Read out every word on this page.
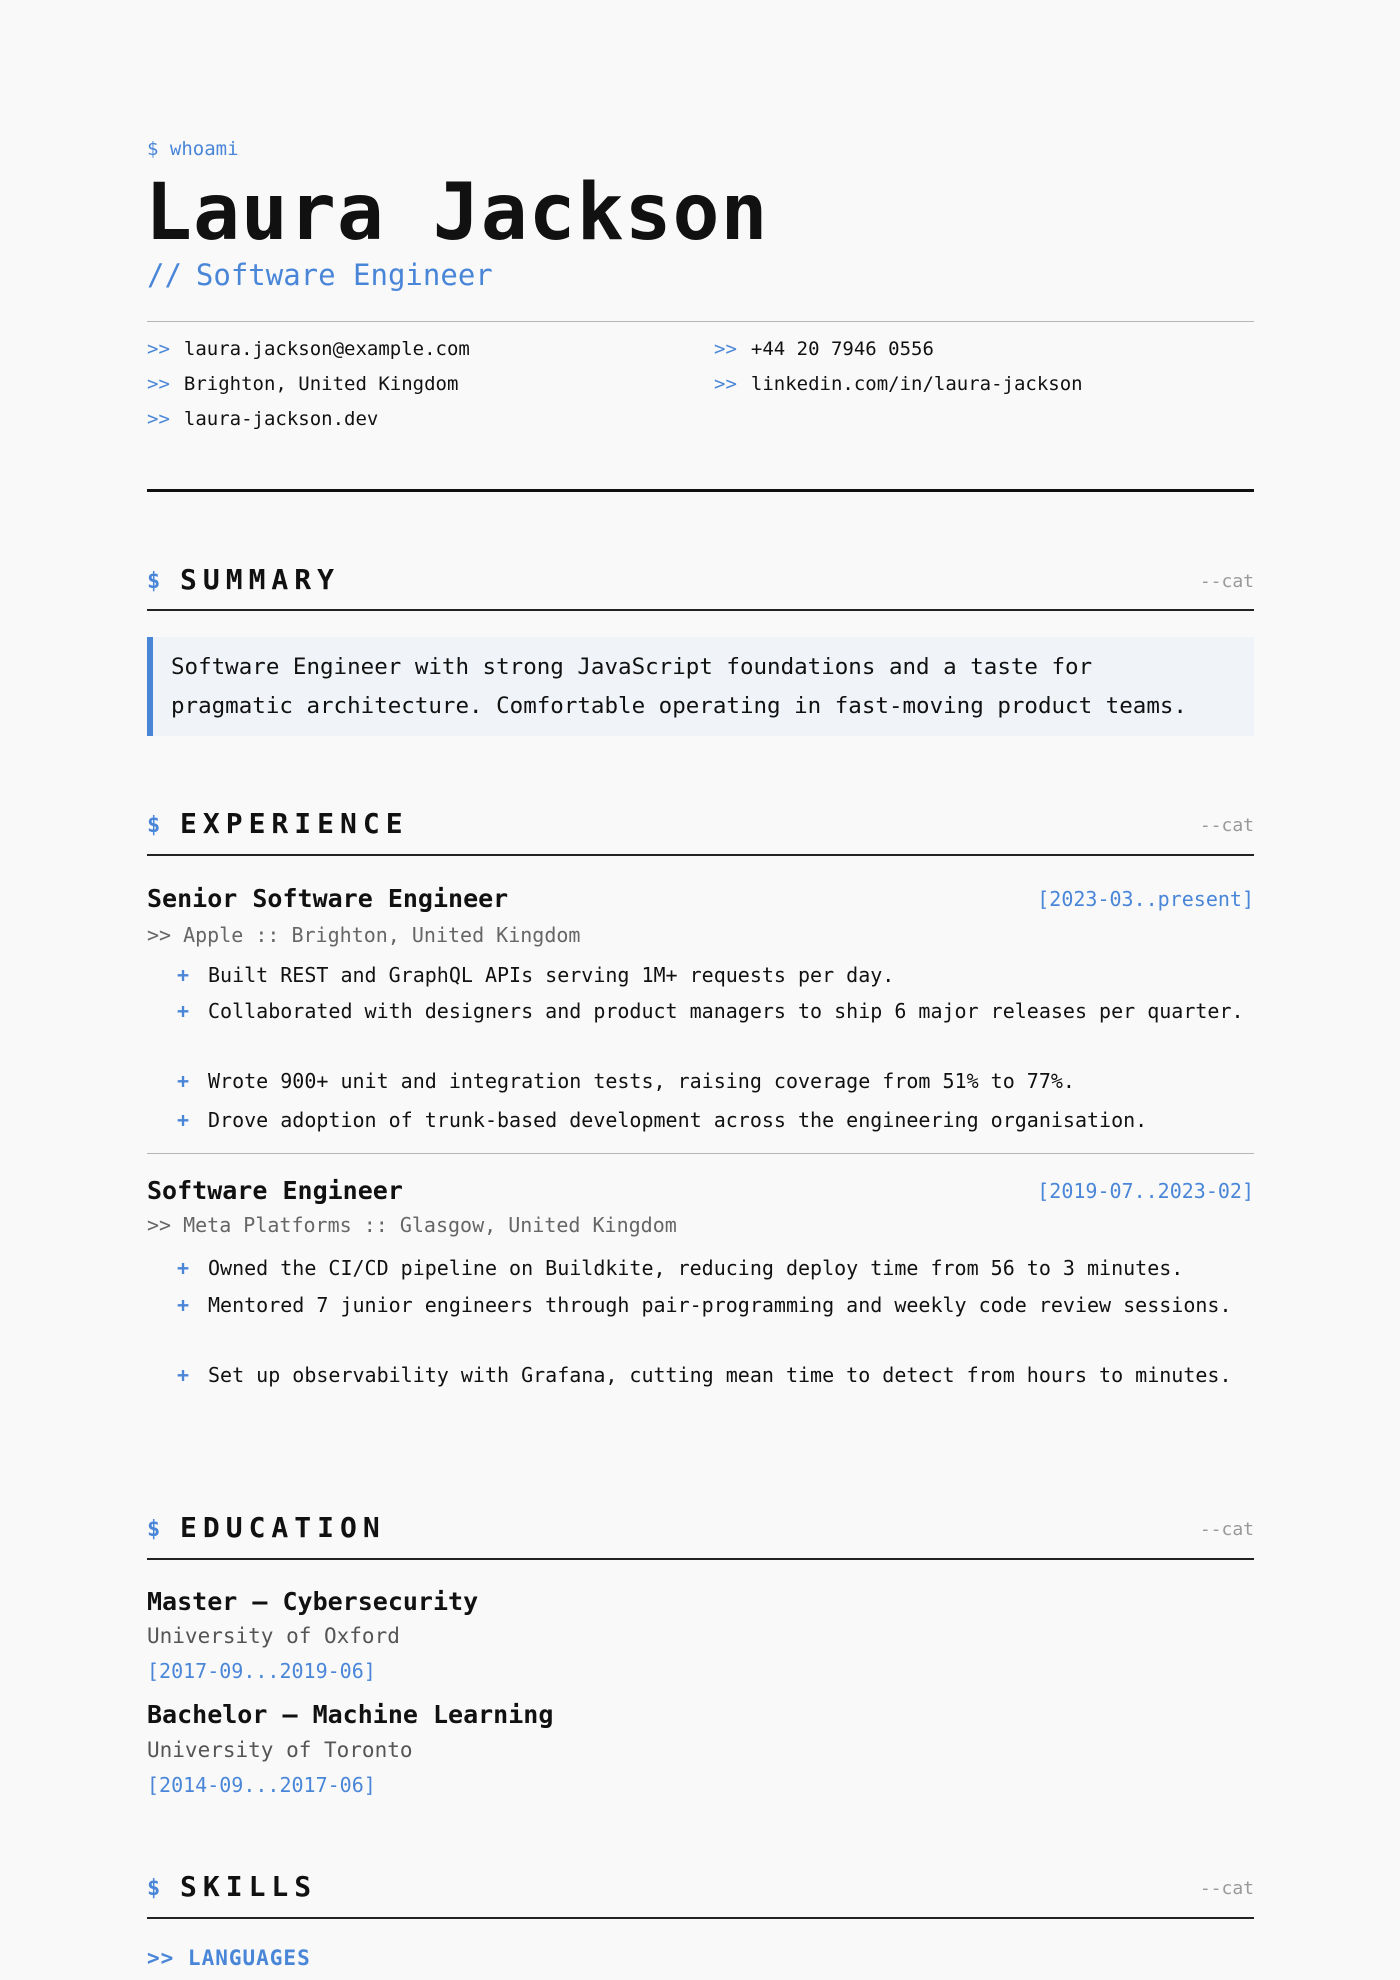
$ whoami
Laura Jackson
// Software Engineer
>> laura.jackson@example.com	>> +44 20 7946 0556
>> Brighton, United Kingdom	>> linkedin.com/in/laura-jackson
>> laura-jackson.dev
$ SUMMARY	--cat
Software Engineer with strong JavaScript foundations and a taste for
pragmatic architecture. Comfortable operating in fast-moving product teams.
$ EXPERIENCE	--cat
Senior Software Engineer	[2023-03..present]
>> Apple :: Brighton, United Kingdom
+ Built REST and GraphQL APIs serving 1M+ requests per day.
+ Collaborated with designers and product managers to ship 6 major releases per quarter.
+ Wrote 900+ unit and integration tests, raising coverage from 51% to 77%.
+ Drove adoption of trunk-based development across the engineering organisation.
Software Engineer	[2019-07..2023-02]
>> Meta Platforms :: Glasgow, United Kingdom
+ Owned the CI/CD pipeline on Buildkite, reducing deploy time from 56 to 3 minutes.
+ Mentored 7 junior engineers through pair-programming and weekly code review sessions.
+ Set up observability with Grafana, cutting mean time to detect from hours to minutes.
$ EDUCATION	--cat
Master — Cybersecurity
University of Oxford
[2017-09...2019-06]
Bachelor — Machine Learning
University of Toronto
[2014-09...2017-06]
$ SKILLS	--cat
>> LANGUAGES
